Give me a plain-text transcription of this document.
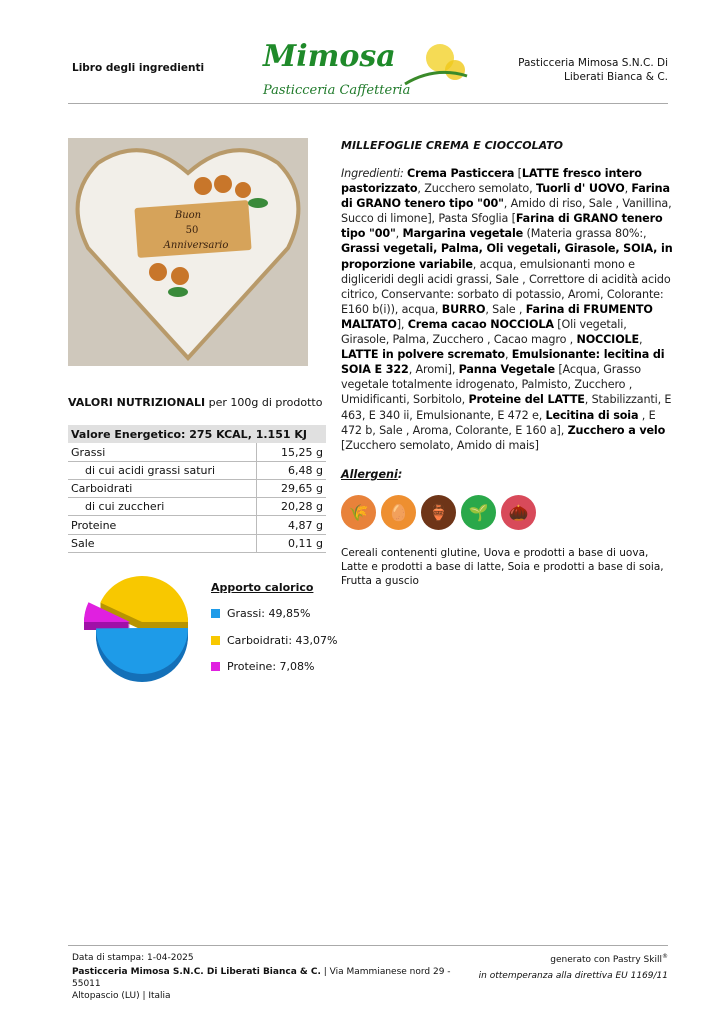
Libro degli ingredienti Mimosa
Pasticceria Caffetteria
Pasticceria Mimosa S.N.C. Di
Liberati Bianca & C.
Buon
50
Anniversario
MILLEFOGLIE CREMA E CIOCCOLATO
Ingredienti: Crema Pasticcera [LATTE fresco intero pastorizzato, Zucchero semolato, Tuorli d' UOVO, Farina di GRANO tenero tipo "00", Amido di riso, Sale , Vanillina, Succo di limone], Pasta Sfoglia [Farina di GRANO tenero tipo "00", Margarina vegetale (Materia grassa 80%:, Grassi vegetali, Palma, Oli vegetali, Girasole, SOIA, in proporzione variabile, acqua, emulsionanti mono e digliceridi degli acidi grassi, Sale , Correttore di acidità acido citrico, Conservante: sorbato di potassio, Aromi, Colorante: E160 b(i)), acqua, BURRO, Sale , Farina di FRUMENTO MALTATO], Crema cacao NOCCIOLA [Oli vegetali, Girasole, Palma, Zucchero , Cacao magro , NOCCIOLE, LATTE in polvere scremato, Emulsionante: lecitina di SOIA E 322, Aromi], Panna Vegetale [Acqua, Grasso vegetale totalmente idrogenato, Palmisto, Zucchero , Umidificanti, Sorbitolo, Proteine del LATTE, Stabilizzanti, E 463, E 340 ii, Emulsionante, E 472 e, Lecitina di soia , E 472 b, Sale , Aroma, Colorante, E 160 a], Zucchero a velo [Zucchero semolato, Amido di mais]
Allergeni:
🌾 🥚 🏺 🌱 🌰
Cereali contenenti glutine, Uova e prodotti a base di uova, Latte e prodotti a base di latte, Soia e prodotti a base di soia, Frutta a guscio
VALORI NUTRIZIONALI per 100g di prodotto
Valore Energetico: 275 KCAL, 1.151 KJ	
Grassi	15,25 g
di cui acidi grassi saturi	6,48 g
Carboidrati	29,65 g
di cui zuccheri	20,28 g
Proteine	4,87 g
Sale	0,11 g
Apporto calorico
Grassi: 49,85%
Carboidrati: 43,07%
Proteine: 7,08%
Data di stampa: 1-04-2025	generato con Pastry Skill®
Pasticceria Mimosa S.N.C. Di Liberati Bianca & C. | Via Mammianese nord 29 - 55011
Altopascio (LU) | Italia
in ottemperanza alla direttiva EU 1169/11
